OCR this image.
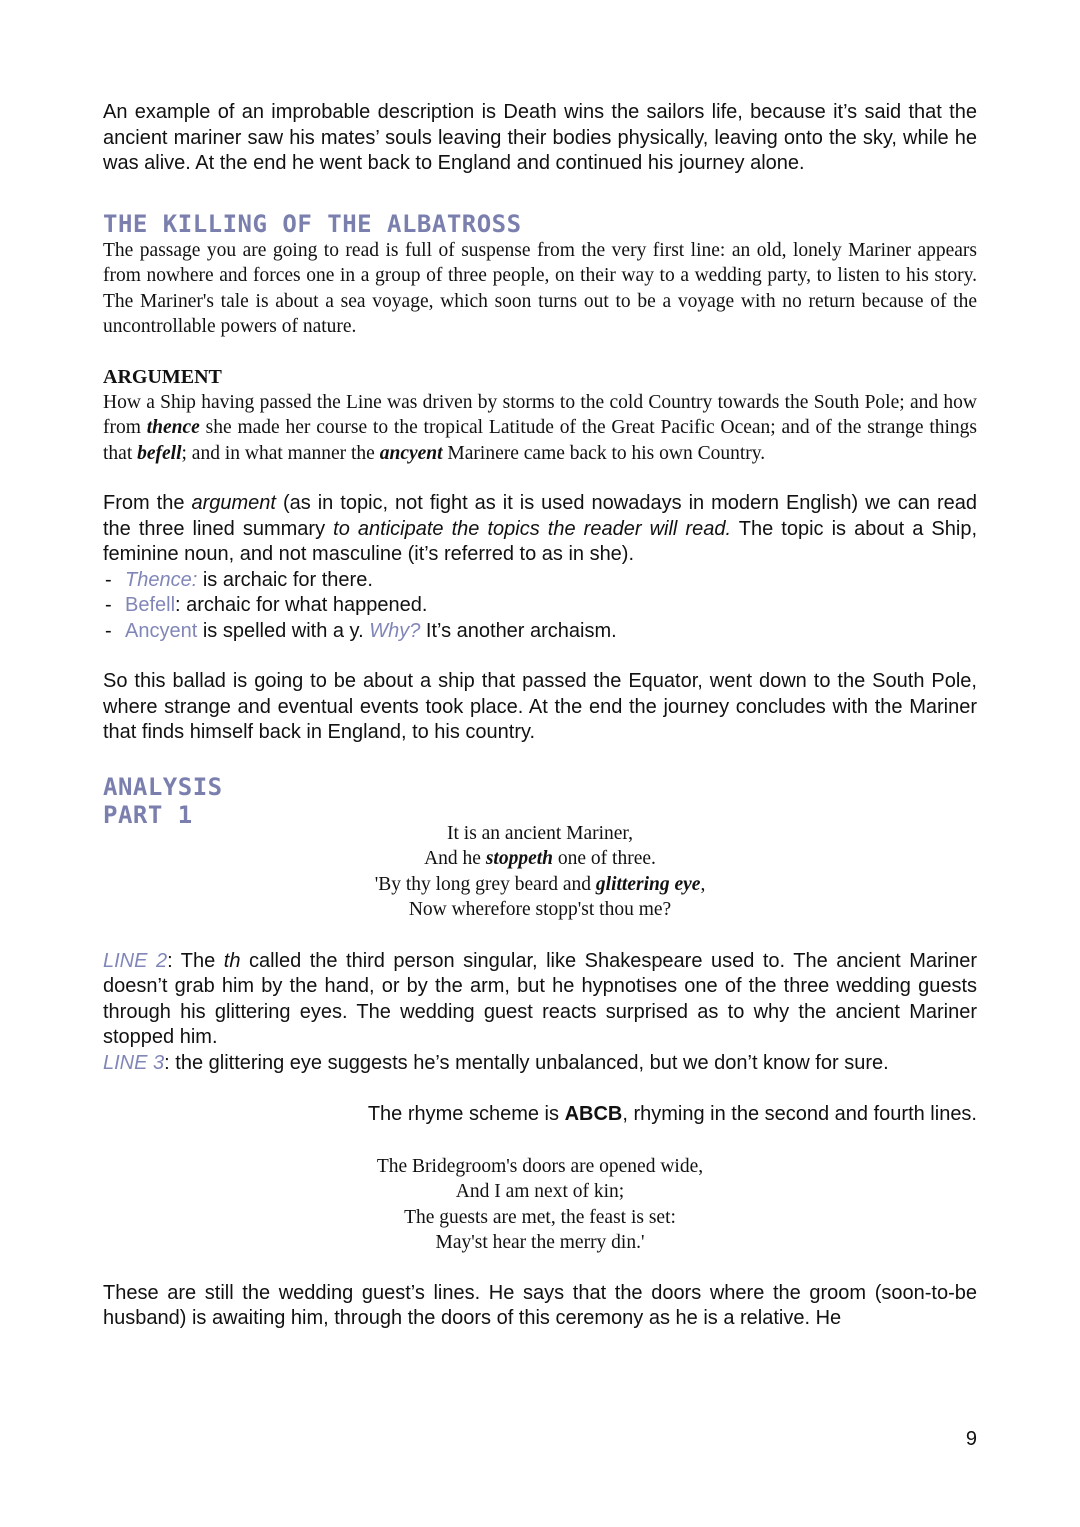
An example of an improbable description is Death wins the sailors life, because it’s said that the ancient mariner saw his mates’ souls leaving their bodies physically, leaving onto the sky, while he was alive. At the end he went back to England and continued his journey alone.

THE KILLING OF THE ALBATROSS

The passage you are going to read is full of suspense from the very first line: an old, lonely Mariner appears from nowhere and forces one in a group of three people, on their way to a wedding party, to listen to his story. The Mariner's tale is about a sea voyage, which soon turns out to be a voyage with no return because of the uncontrollable powers of nature.

ARGUMENT

How a Ship having passed the Line was driven by storms to the cold Country towards the South Pole; and how from thence she made her course to the tropical Latitude of the Great Pacific Ocean; and of the strange things that befell; and in what manner the ancyent Marinere came back to his own Country.

From the argument (as in topic, not fight as it is used nowadays in modern English) we can read the three lined summary to anticipate the topics the reader will read. The topic is about a Ship, feminine noun, and not masculine (it’s referred to as in she).

- Thence: is archaic for there.
- Befell: archaic for what happened.
- Ancyent is spelled with a y. Why? It’s another archaism.

So this ballad is going to be about a ship that passed the Equator, went down to the South Pole, where strange and eventual events took place. At the end the journey concludes with the Mariner that finds himself back in England, to his country.

ANALYSIS
PART 1
It is an ancient Mariner,
And he stoppeth one of three.
'By thy long grey beard and glittering eye,
Now wherefore stopp'st thou me?

LINE 2: The th called the third person singular, like Shakespeare used to. The ancient Mariner doesn’t grab him by the hand, or by the arm, but he hypnotises one of the three wedding guests through his glittering eyes. The wedding guest reacts surprised as to why the ancient Mariner stopped him.

LINE 3: the glittering eye suggests he’s mentally unbalanced, but we don’t know for sure.

The rhyme scheme is ABCB, rhyming in the second and fourth lines.

The Bridegroom's doors are opened wide,
And I am next of kin;
The guests are met, the feast is set:
May'st hear the merry din.'

These are still the wedding guest’s lines. He says that the doors where the groom (soon-to-be husband) is awaiting him, through the doors of this ceremony as he is a relative. He

9
